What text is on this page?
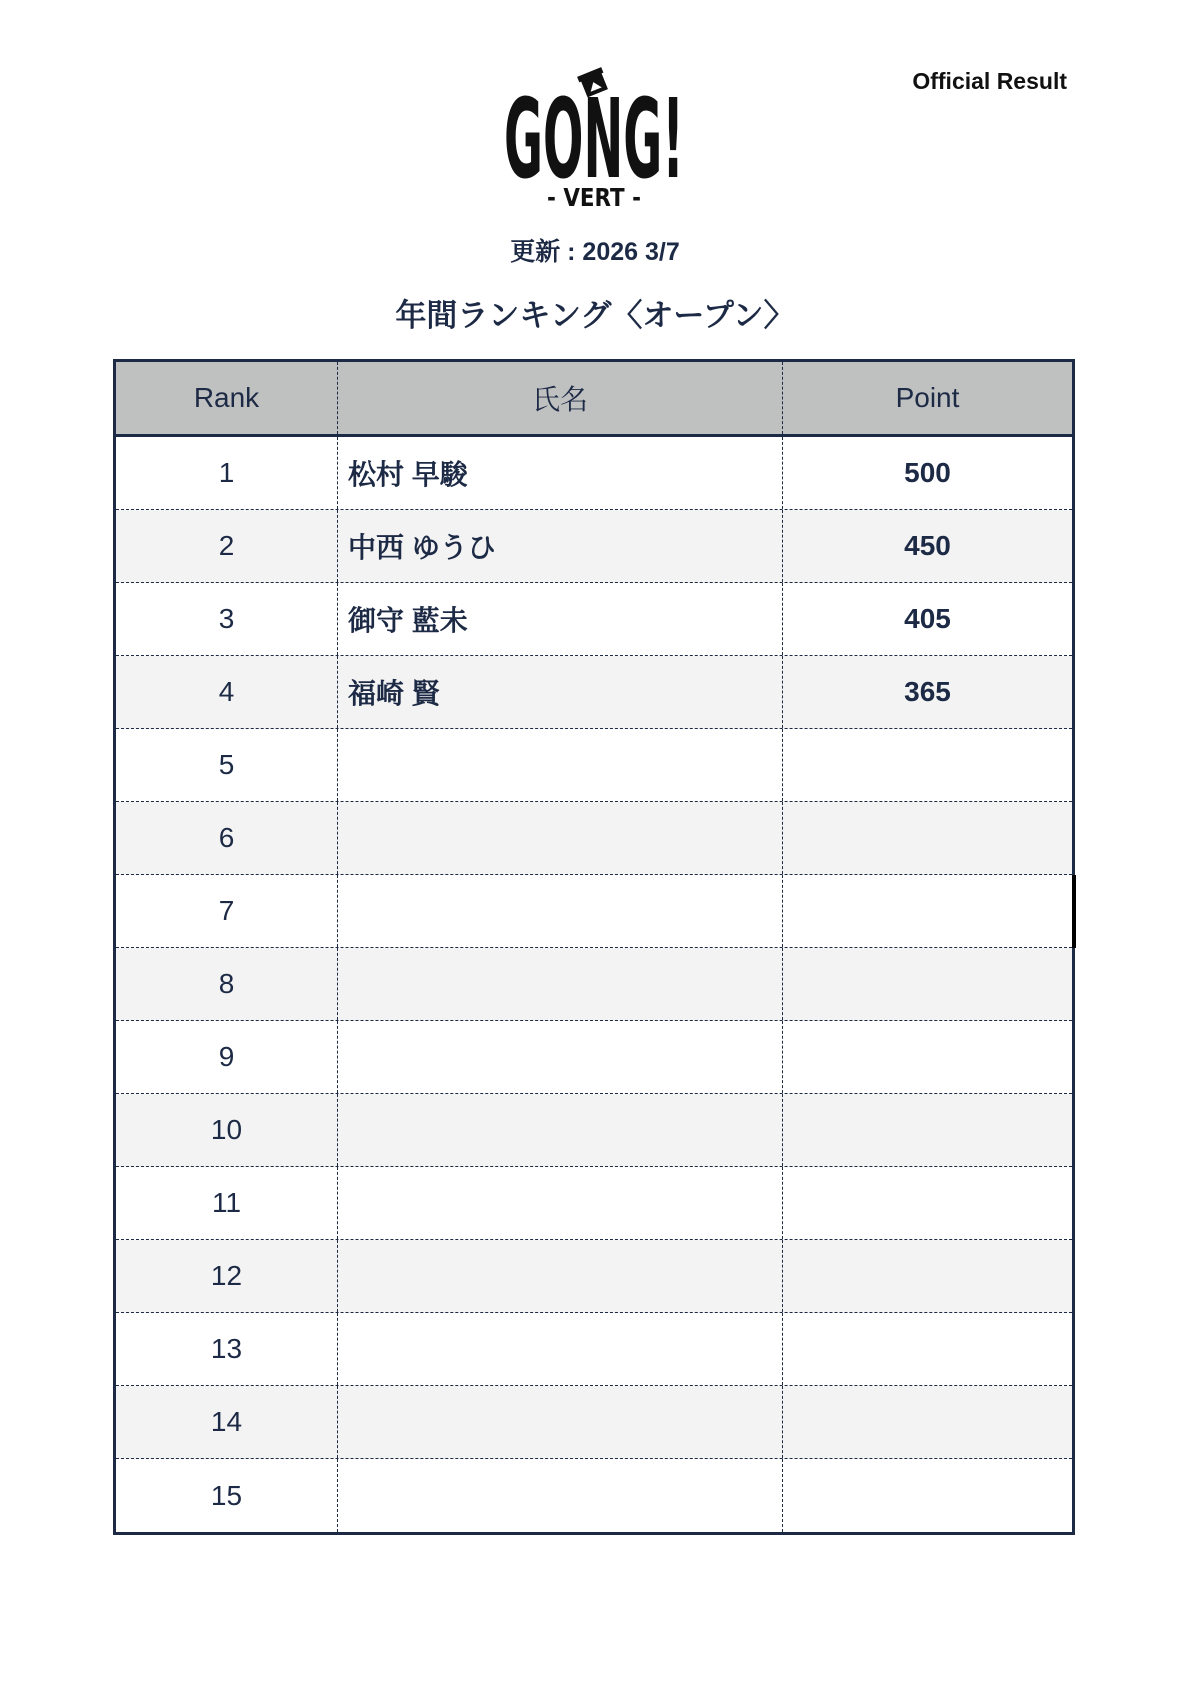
Official Result
GONG!
- VERT -
更新 : 2026 3/7
年間ランキング〈オープン〉
Rank	氏名	Point
1	松村 早駿	500
2	中西 ゆうひ	450
3	御守 藍未	405
4	福崎 賢	365
5
6
7
8
9
10
11
12
13
14
15
